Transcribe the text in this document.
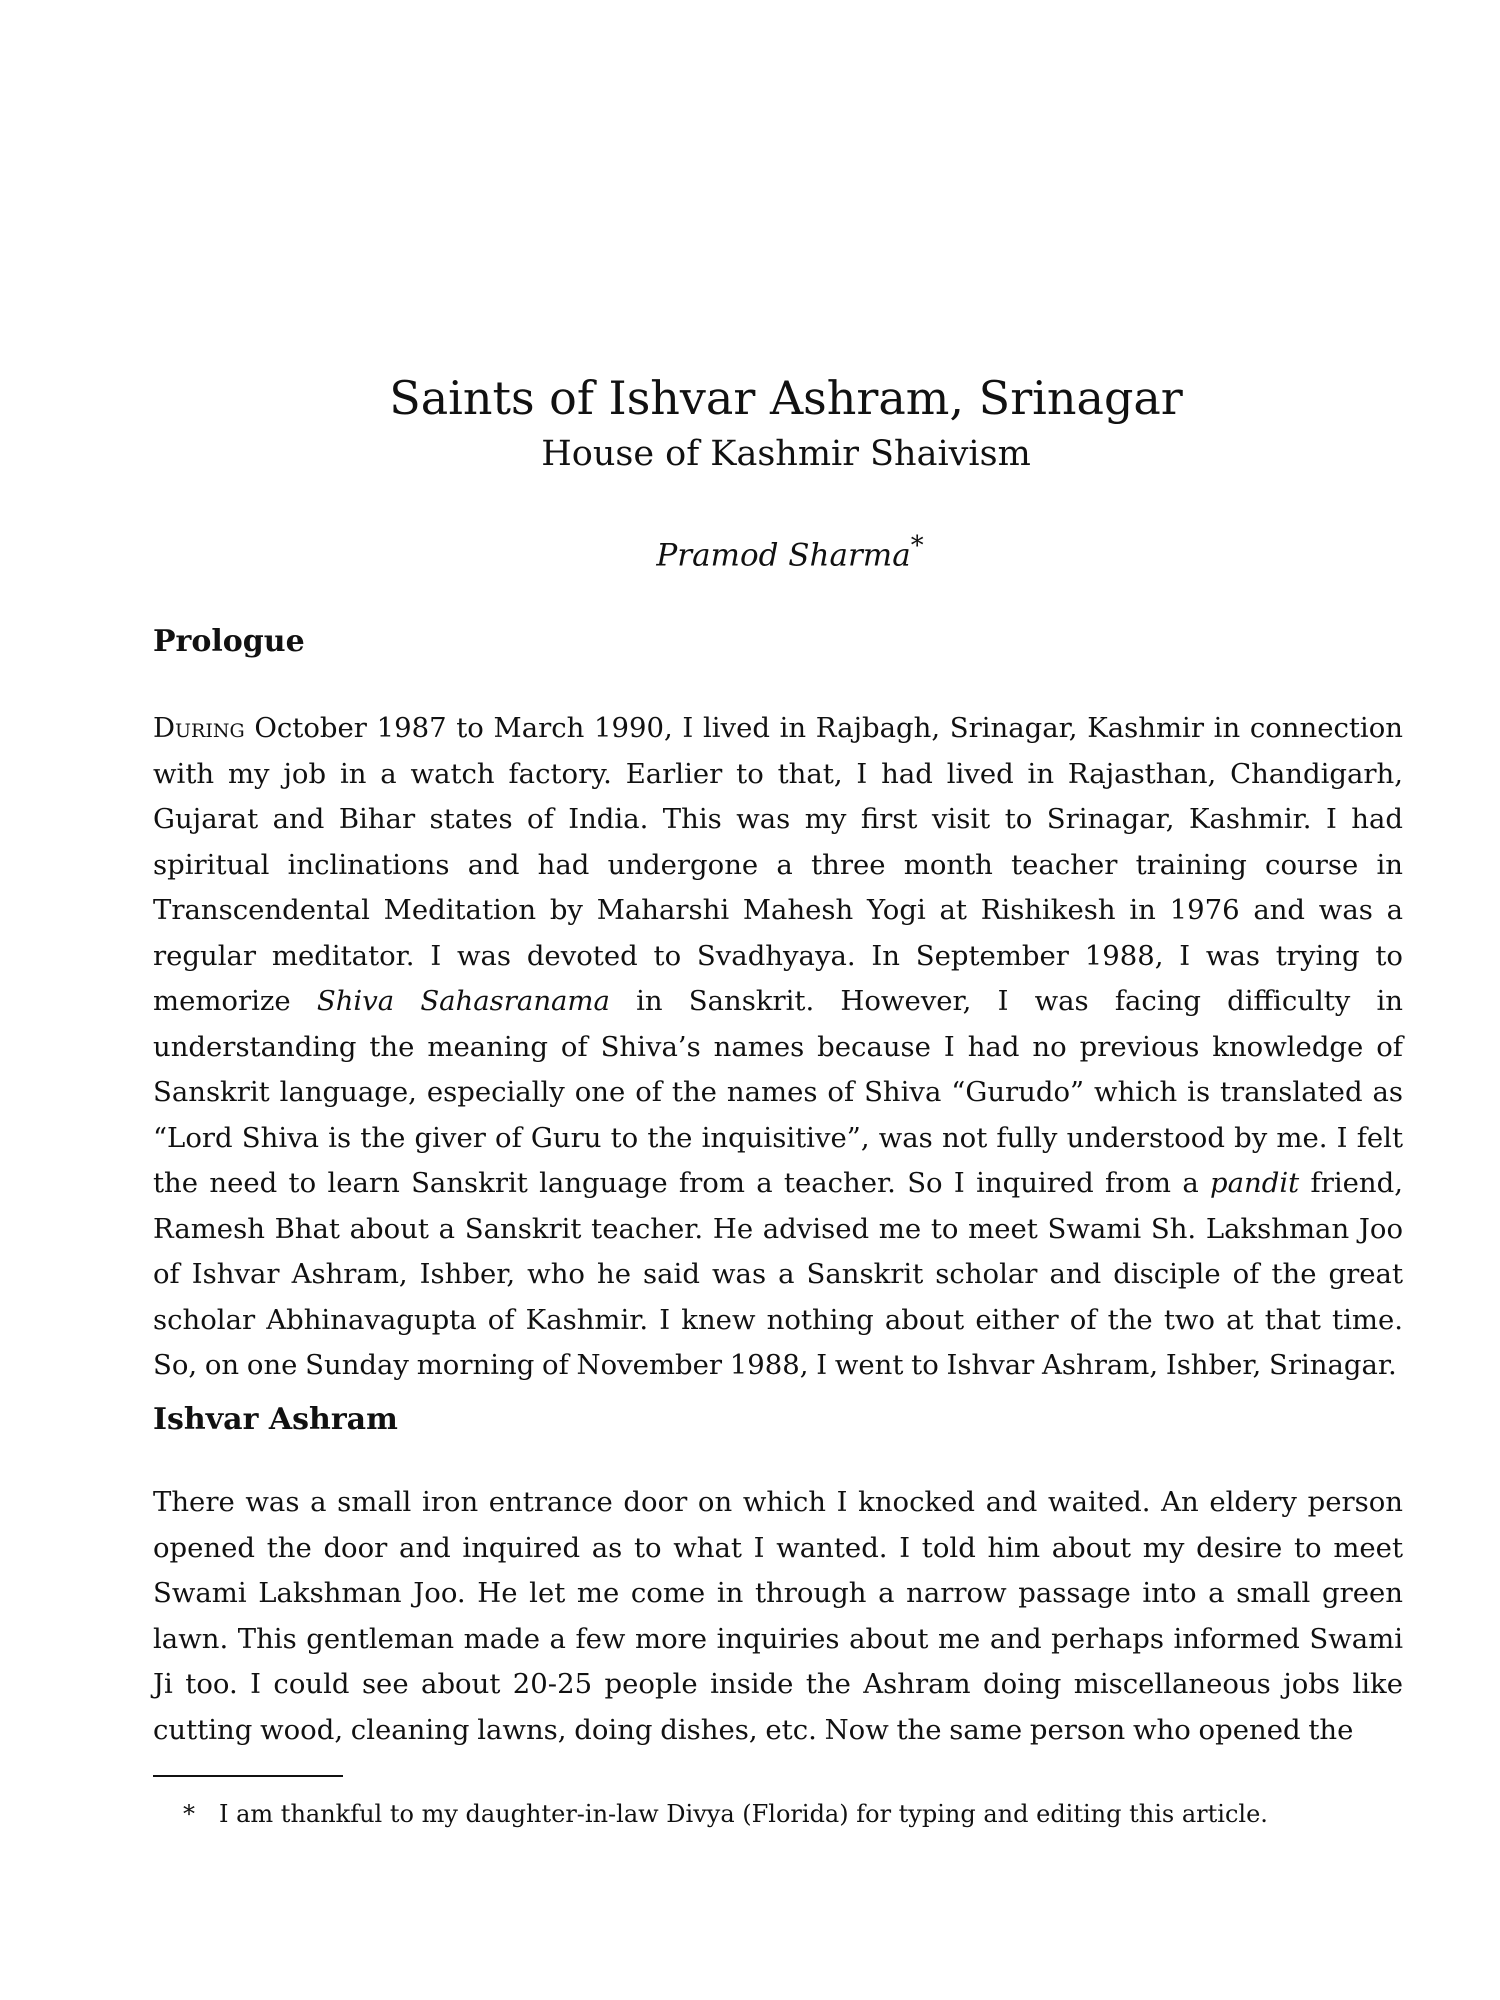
Saints of Ishvar Ashram, Srinagar
House of Kashmir Shaivism
Pramod Sharma*
Prologue

During October 1987 to March 1990, I lived in Rajbagh, Srinagar, Kashmir in connection with my job in a watch factory. Earlier to that, I had lived in Rajasthan, Chandigarh, Gujarat and Bihar states of India. This was my first visit to Srinagar, Kashmir. I had spiritual inclinations and had undergone a three month teacher training course in Transcendental Meditation by Maharshi Mahesh Yogi at Rishikesh in 1976 and was a regular meditator. I was devoted to Svadhyaya. In September 1988, I was trying to memorize Shiva Sahasranama in Sanskrit. However, I was facing difficulty in understanding the meaning of Shiva’s names because I had no previous knowledge of Sanskrit language, especially one of the names of Shiva “Gurudo” which is translated as “Lord Shiva is the giver of Guru to the inquisitive”, was not fully understood by me. I felt the need to learn Sanskrit language from a teacher. So I inquired from a pandit friend, Ramesh Bhat about a Sanskrit teacher. He advised me to meet Swami Sh. Lakshman Joo of Ishvar Ashram, Ishber, who he said was a Sanskrit scholar and disciple of the great scholar Abhinavagupta of Kashmir. I knew nothing about either of the two at that time. So, on one Sunday morning of November 1988, I went to Ishvar Ashram, Ishber, Srinagar.

Ishvar Ashram

There was a small iron entrance door on which I knocked and waited. An eldery person opened the door and inquired as to what I wanted. I told him about my desire to meet Swami Lakshman Joo. He let me come in through a narrow passage into a small green lawn. This gentleman made a few more inquiries about me and perhaps informed Swami Ji too. I could see about 20-25 people inside the Ashram doing miscellaneous jobs like cutting wood, cleaning lawns, doing dishes, etc. Now the same person who opened the

* I am thankful to my daughter-in-law Divya (Florida) for typing and editing this article.
